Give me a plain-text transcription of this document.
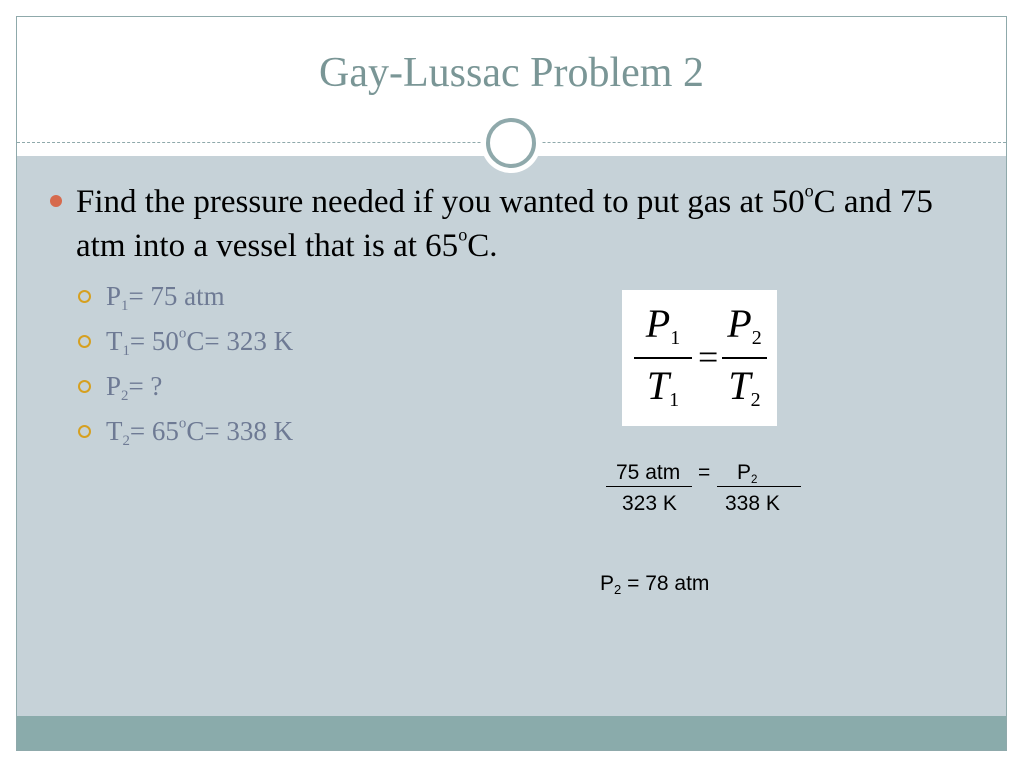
Gay-Lussac Problem 2
Find the pressure needed if you wanted to put gas at 50$^o$C and 75 atm into a vessel that is at 65$^o$C.
$P_1= 75$ atm
$T_1= 50^oC= 323$ K
$P_2=$ ?
$T_2= 65^oC= 338$ K
$P_1$
$T_1$
=
$P_2$
$T_2$
75 atm = $P_2$
323 K 338 K
$P_2 = 78$ atm
